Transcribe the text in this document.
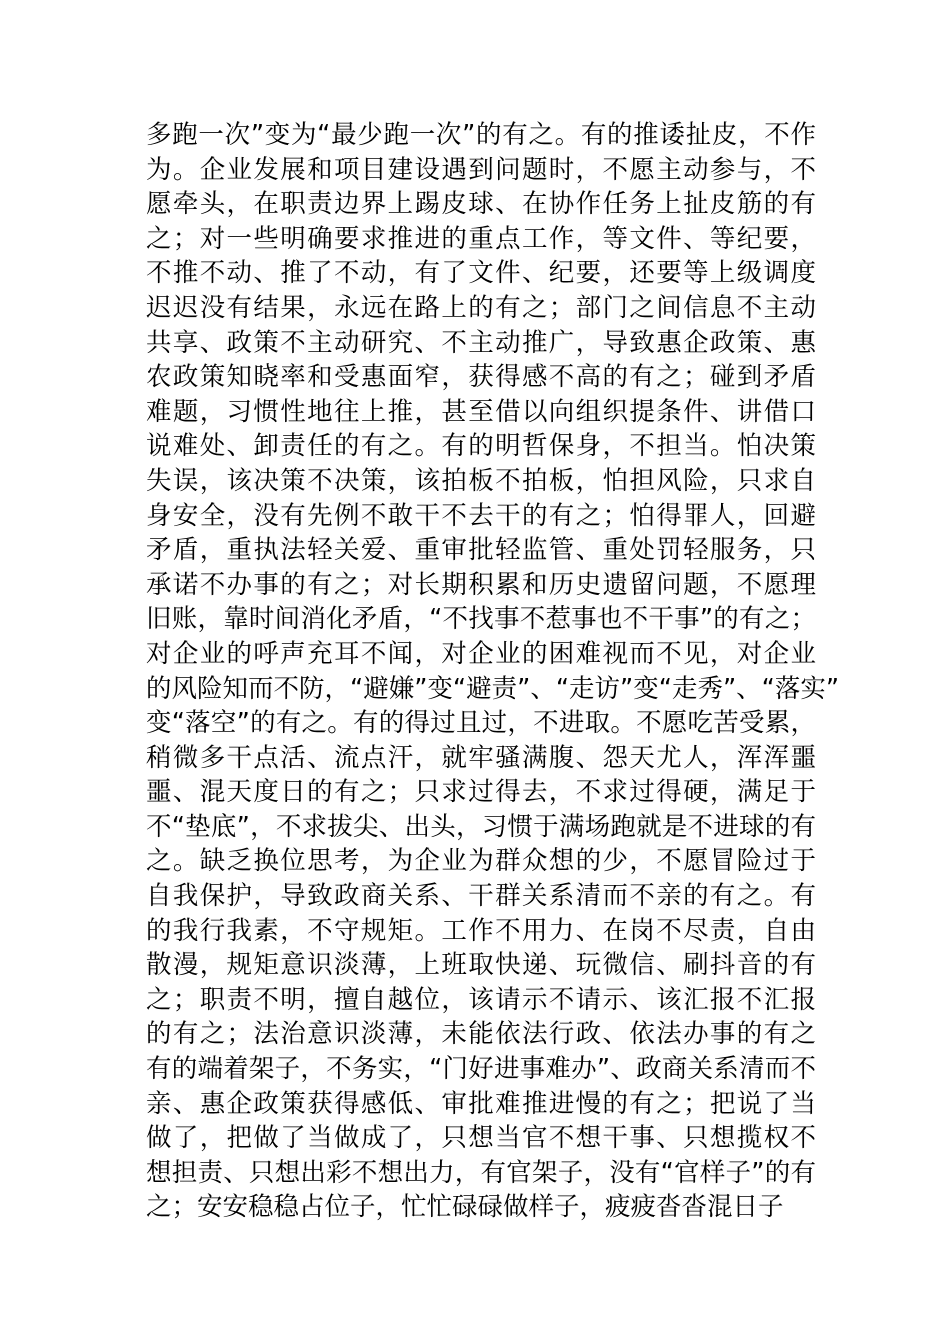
多跑一次”变为“最少跑一次”的有之。有的推诿扯皮，不作
为。企业发展和项目建设遇到问题时，不愿主动参与，不
愿牵头，在职责边界上踢皮球、在协作任务上扯皮筋的有
之；对一些明确要求推进的重点工作，等文件、等纪要，
不推不动、推了不动，有了文件、纪要，还要等上级调度
迟迟没有结果，永远在路上的有之；部门之间信息不主动
共享、政策不主动研究、不主动推广，导致惠企政策、惠
农政策知晓率和受惠面窄，获得感不高的有之；碰到矛盾
难题，习惯性地往上推，甚至借以向组织提条件、讲借口
说难处、卸责任的有之。有的明哲保身，不担当。怕决策
失误，该决策不决策，该拍板不拍板，怕担风险，只求自
身安全，没有先例不敢干不去干的有之；怕得罪人，回避
矛盾，重执法轻关爱、重审批轻监管、重处罚轻服务，只
承诺不办事的有之；对长期积累和历史遗留问题，不愿理
旧账，靠时间消化矛盾，“不找事不惹事也不干事”的有之；
对企业的呼声充耳不闻，对企业的困难视而不见，对企业
的风险知而不防，“避嫌”变“避责”、“走访”变“走秀”、“落实”
变“落空”的有之。有的得过且过，不进取。不愿吃苦受累，
稍微多干点活、流点汗，就牢骚满腹、怨天尤人，浑浑噩
噩、混天度日的有之；只求过得去，不求过得硬，满足于
不“垫底”，不求拔尖、出头，习惯于满场跑就是不进球的有
之。缺乏换位思考，为企业为群众想的少，不愿冒险过于
自我保护，导致政商关系、干群关系清而不亲的有之。有
的我行我素，不守规矩。工作不用力、在岗不尽责，自由
散漫，规矩意识淡薄，上班取快递、玩微信、刷抖音的有
之；职责不明，擅自越位，该请示不请示、该汇报不汇报
的有之；法治意识淡薄，未能依法行政、依法办事的有之
有的端着架子，不务实，“门好进事难办”、政商关系清而不
亲、惠企政策获得感低、审批难推进慢的有之；把说了当
做了，把做了当做成了，只想当官不想干事、只想揽权不
想担责、只想出彩不想出力，有官架子，没有“官样子”的有
之；安安稳稳占位子，忙忙碌碌做样子，疲疲沓沓混日子
